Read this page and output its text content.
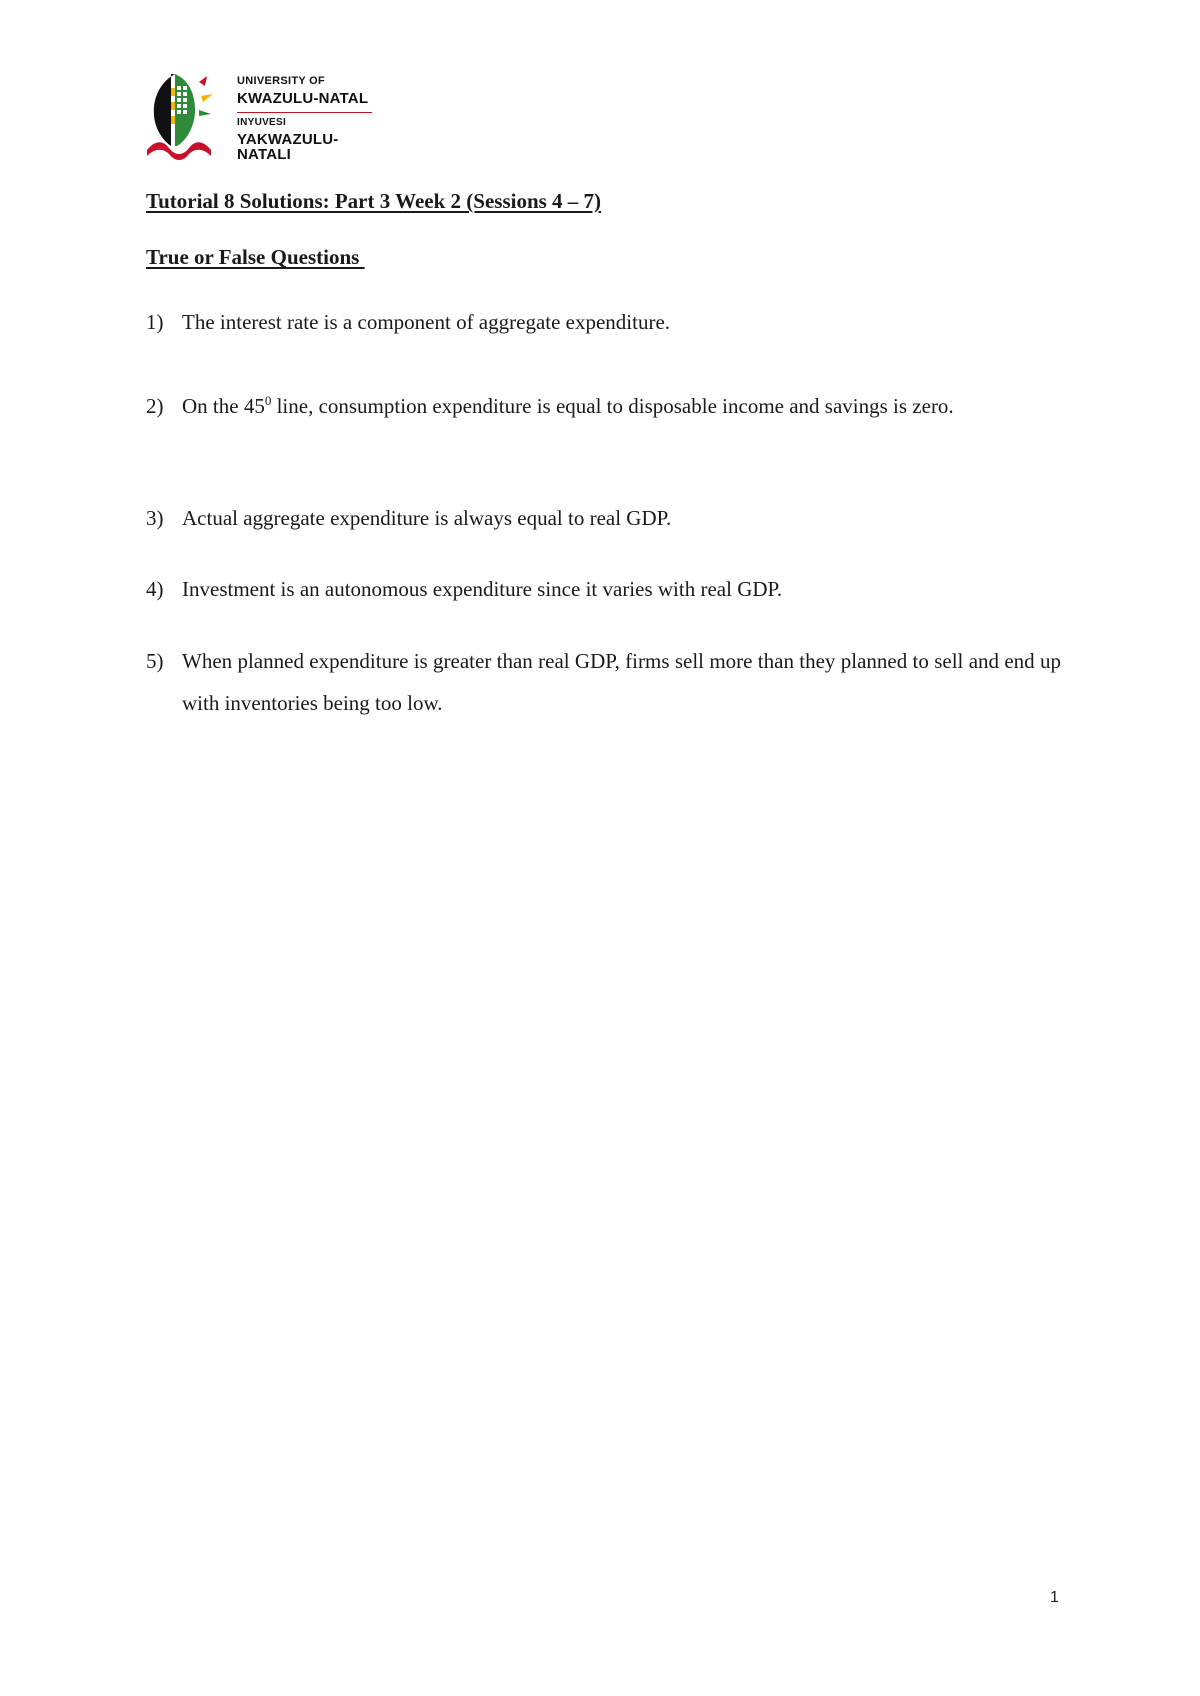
UNIVERSITY OF
KWAZULU-NATAL
INYUVESI
YAKWAZULU-NATALI
Tutorial 8 Solutions: Part 3 Week 2 (Sessions 4 – 7)
True or False Questions
1) The interest rate is a component of aggregate expenditure.
2) On the $45^0$ line, consumption expenditure is equal to disposable income and savings is zero.
3) Actual aggregate expenditure is always equal to real GDP.
4) Investment is an autonomous expenditure since it varies with real GDP.
5) When planned expenditure is greater than real GDP, firms sell more than they planned to sell and end up with inventories being too low.
1
